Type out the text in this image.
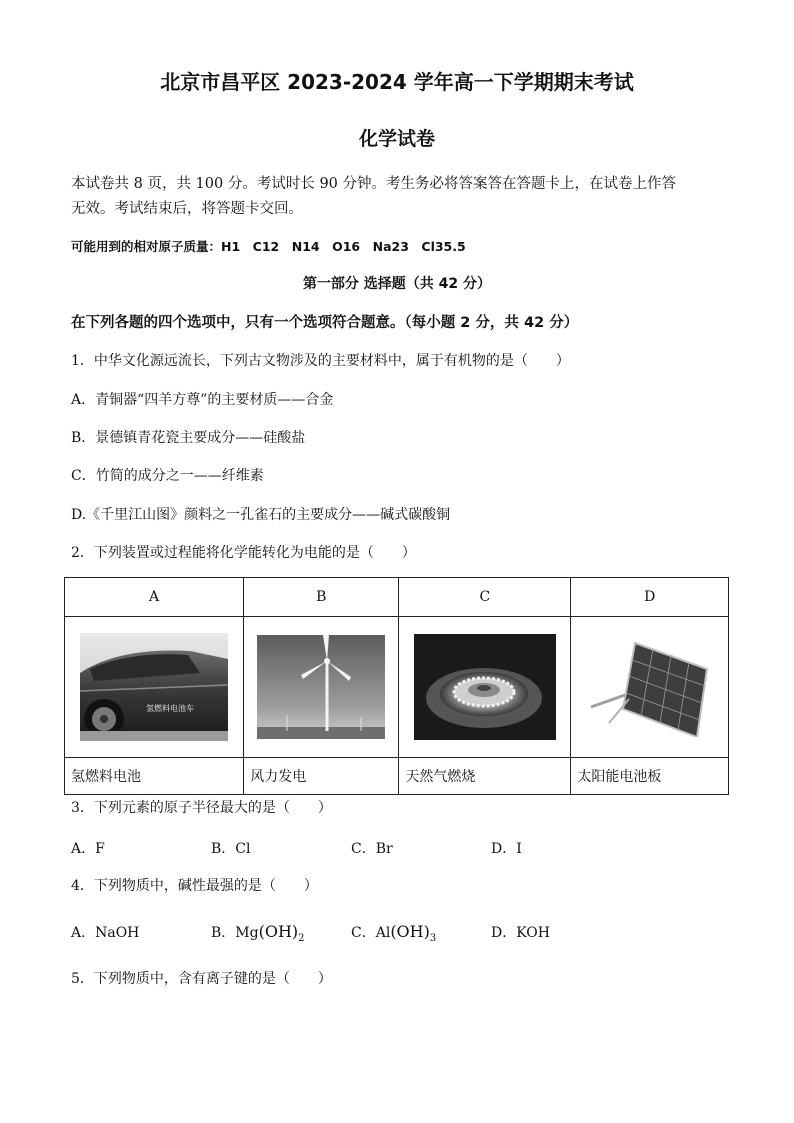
北京市昌平区 2023-2024 学年高一下学期期末考试
化学试卷
本试卷共 8 页，共 100 分。考试时长 90 分钟。考生务必将答案答在答题卡上，在试卷上作答
无效。考试结束后，将答题卡交回。
可能用到的相对原子质量：H1　C12　N14　O16　Na23　Cl35.5
第一部分 选择题（共 42 分）
在下列各题的四个选项中，只有一个选项符合题意。（每小题 2 分，共 42 分）
1．中华文化源远流长，下列古文物涉及的主要材料中，属于有机物的是（　　）
A．青铜器“四羊方尊”的主要材质——合金
B．景德镇青花瓷主要成分——硅酸盐
C．竹简的成分之一——纤维素
D.《千里江山图》颜料之一孔雀石的主要成分——碱式碳酸铜
2．下列装置或过程能将化学能转化为电能的是（　　）
A	B	C	D

氢燃料电池车

氢燃料电池	风力发电	天然气燃烧	太阳能电池板
3．下列元素的原子半径最大的是（　　）
A．F	B．Cl	C．Br	D．I
4．下列物质中，碱性最强的是（　　）
A．NaOH	B．$Mg(OH)_2$	C．$Al(OH)_3$	D．KOH
5．下列物质中，含有离子键的是（　　）
